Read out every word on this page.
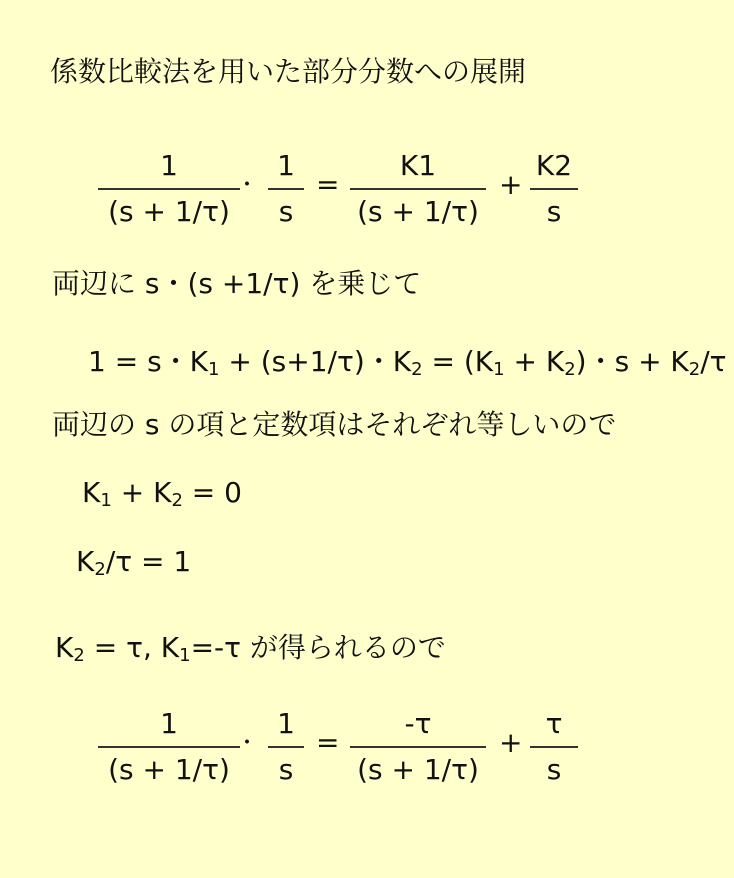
係数比較法を用いた部分分数への展開
1
(s + 1/τ)
・
1
s
=
K1
(s + 1/τ)
+
K2
s
両辺に s・(s +1/τ) を乗じて
1 = s・$K_1 + (s+1/\tau)$・$K_2 = (K_1 + K_2)$・$s + K_2/\tau$
両辺の s の項と定数項はそれぞれ等しいので
$K_1 + K_2 = 0$
$K_2/\tau = 1$
$K_2 = \tau$, $K_1=-\tau$ が得られるので
1
(s + 1/τ)
・
1
s
=
-τ
(s + 1/τ)
+
τ
s
